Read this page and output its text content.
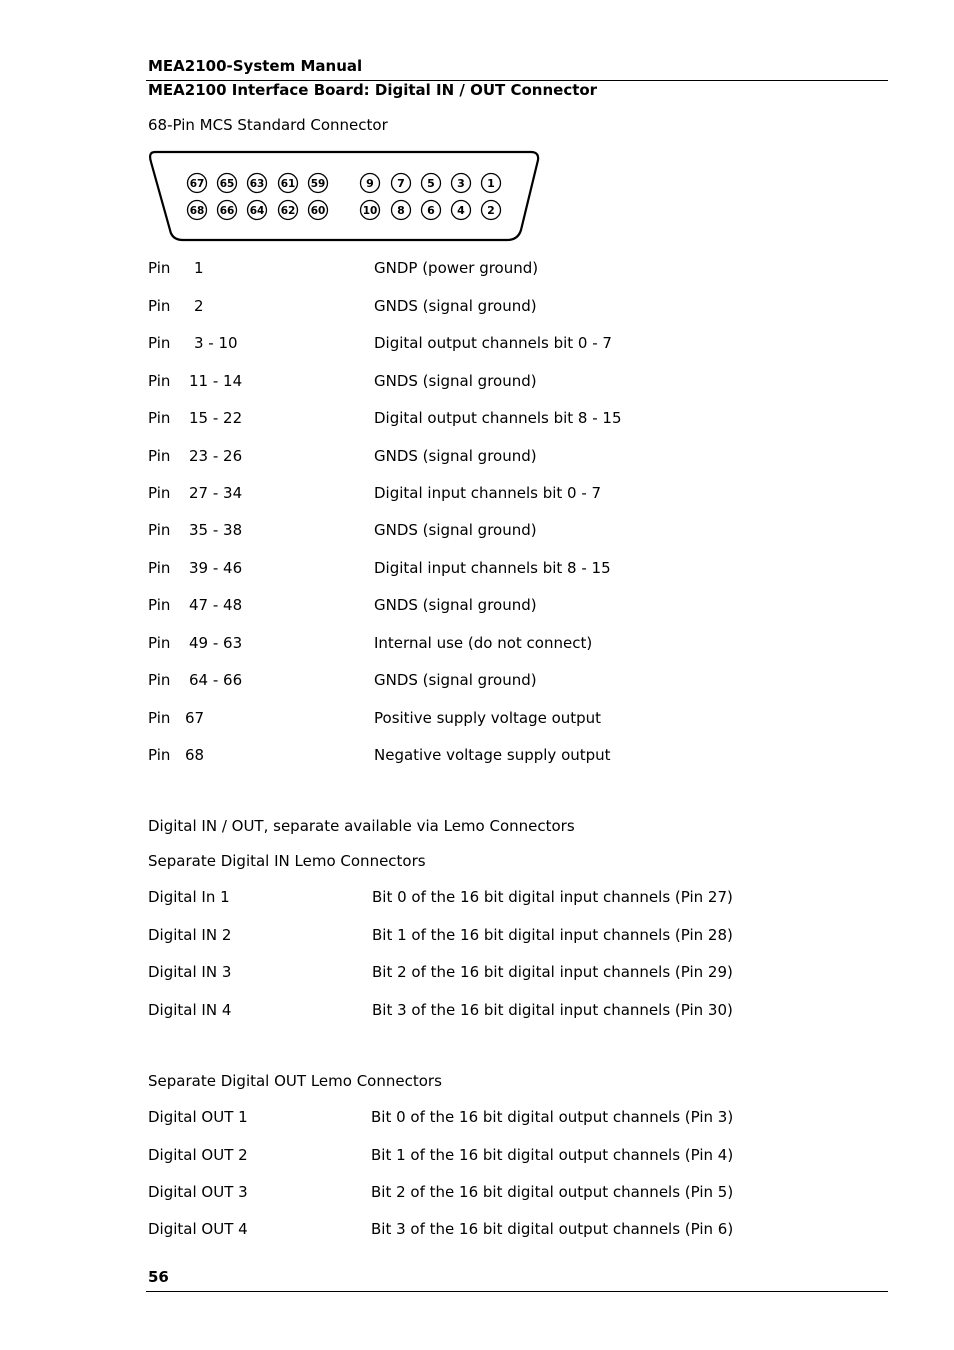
MEA2100-System Manual
MEA2100 Interface Board: Digital IN / OUT Connector
68-Pin MCS Standard Connector
67 65 63 61 59	9 7 5 3 1
68 66 64 62 60	10 8 6 4 2
Pin 1	GNDP (power ground)
Pin 2	GNDS (signal ground)
Pin 3 - 10	Digital output channels bit 0 - 7
Pin 11 - 14	GNDS (signal ground)
Pin 15 - 22	Digital output channels bit 8 - 15
Pin 23 - 26	GNDS (signal ground)
Pin 27 - 34	Digital input channels bit 0 - 7
Pin 35 - 38	GNDS (signal ground)
Pin 39 - 46	Digital input channels bit 8 - 15
Pin 47 - 48	GNDS (signal ground)
Pin 49 - 63	Internal use (do not connect)
Pin 64 - 66	GNDS (signal ground)
Pin 67	Positive supply voltage output
Pin 68	Negative voltage supply output
Digital IN / OUT, separate available via Lemo Connectors
Separate Digital IN Lemo Connectors
Digital In 1	Bit 0 of the 16 bit digital input channels (Pin 27)
Digital IN 2	Bit 1 of the 16 bit digital input channels (Pin 28)
Digital IN 3	Bit 2 of the 16 bit digital input channels (Pin 29)
Digital IN 4	Bit 3 of the 16 bit digital input channels (Pin 30)
Separate Digital OUT Lemo Connectors
Digital OUT 1	Bit 0 of the 16 bit digital output channels (Pin 3)
Digital OUT 2	Bit 1 of the 16 bit digital output channels (Pin 4)
Digital OUT 3	Bit 2 of the 16 bit digital output channels (Pin 5)
Digital OUT 4	Bit 3 of the 16 bit digital output channels (Pin 6)
56
